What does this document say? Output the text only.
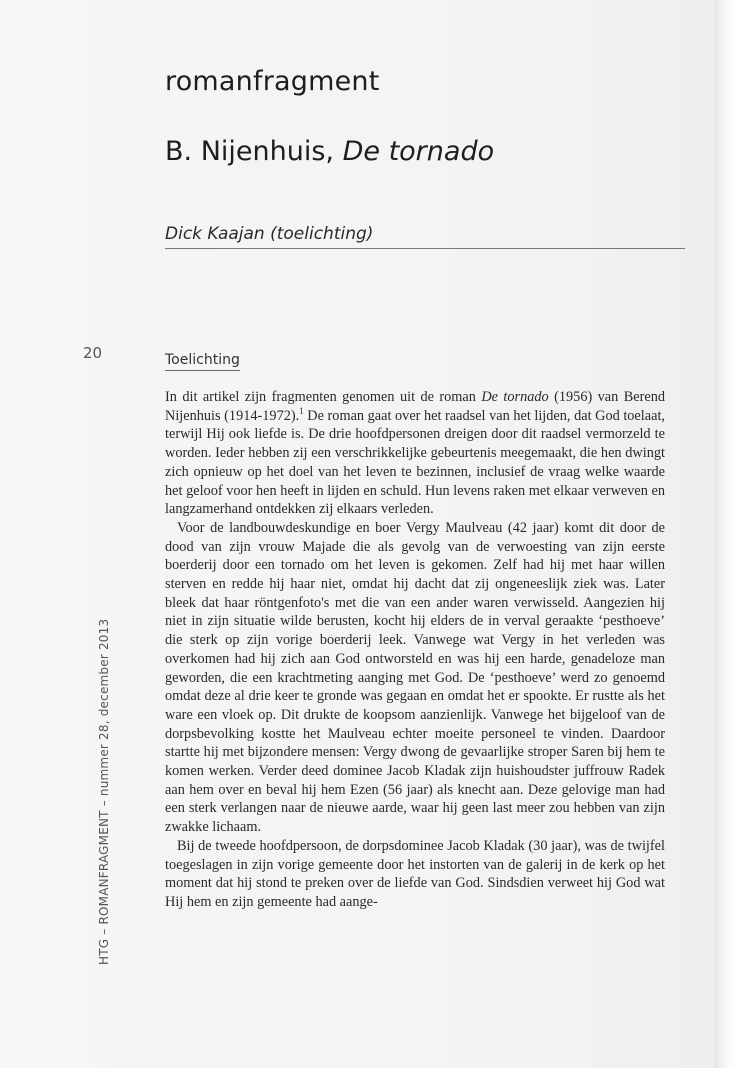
romanfragment
B. Nijenhuis, De tornado
Dick Kaajan (toelichting)
20
HTG – ROMANFRAGMENT – nummer 28, december 2013
Toelichting

In dit artikel zijn fragmenten genomen uit de roman De tornado (1956) van Berend Nijenhuis (1914-1972).$^1$ De roman gaat over het raadsel van het lijden, dat God toelaat, terwijl Hij ook liefde is. De drie hoofdpersonen dreigen door dit raadsel vermorzeld te worden. Ieder hebben zij een verschrikkelijke gebeurtenis meegemaakt, die hen dwingt zich opnieuw op het doel van het leven te bezinnen, inclusief de vraag welke waarde het geloof voor hen heeft in lijden en schuld. Hun levens raken met elkaar verweven en langzamerhand ontdekken zij elkaars verleden.

Voor de landbouwdeskundige en boer Vergy Maulveau (42 jaar) komt dit door de dood van zijn vrouw Majade die als gevolg van de verwoesting van zijn eerste boerderij door een tornado om het leven is gekomen. Zelf had hij met haar willen sterven en redde hij haar niet, omdat hij dacht dat zij ongeneeslijk ziek was. Later bleek dat haar röntgenfoto's met die van een ander waren verwisseld. Aangezien hij niet in zijn situatie wilde berusten, kocht hij elders de in verval geraakte ‘pesthoeve’ die sterk op zijn vorige boerderij leek. Vanwege wat Vergy in het verleden was overkomen had hij zich aan God ontworsteld en was hij een harde, genadeloze man geworden, die een krachtmeting aanging met God. De ‘pesthoeve’ werd zo genoemd omdat deze al drie keer te gronde was gegaan en omdat het er spookte. Er rustte als het ware een vloek op. Dit drukte de koopsom aanzienlijk. Vanwege het bijgeloof van de dorpsbevolking kostte het Maulveau echter moeite personeel te vinden. Daardoor startte hij met bijzondere mensen: Vergy dwong de gevaarlijke stroper Saren bij hem te komen werken. Verder deed dominee Jacob Kladak zijn huishoudster juffrouw Radek aan hem over en beval hij hem Ezen (56 jaar) als knecht aan. Deze gelovige man had een sterk verlangen naar de nieuwe aarde, waar hij geen last meer zou hebben van zijn zwakke lichaam.

Bij de tweede hoofdpersoon, de dorpsdominee Jacob Kladak (30 jaar), was de twijfel toegeslagen in zijn vorige gemeente door het instorten van de galerij in de kerk op het moment dat hij stond te preken over de liefde van God. Sindsdien verweet hij God wat Hij hem en zijn gemeente had aange-
